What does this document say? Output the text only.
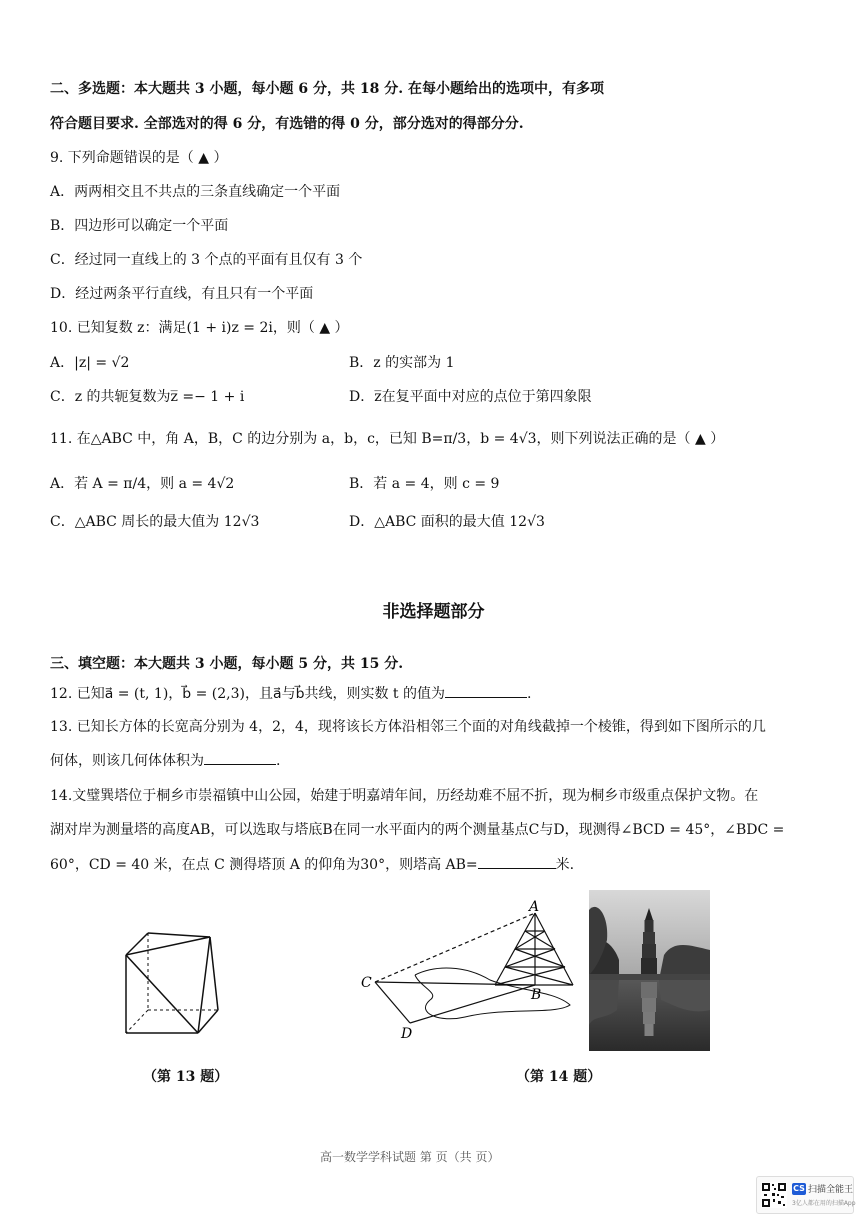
二、多选题：本大题共 3 小题，每小题 6 分，共 18 分. 在每小题给出的选项中，有多项
符合题目要求. 全部选对的得 6 分，有选错的得 0 分，部分选对的得部分分.
9. 下列命题错误的是（ ▲ ）
A．两两相交且不共点的三条直线确定一个平面
B．四边形可以确定一个平面
C．经过同一直线上的 3 个点的平面有且仅有 3 个
D．经过两条平行直线，有且只有一个平面
10. 已知复数 z：满足(1 + i)z = 2i，则（ ▲ ）
A．|z| = √2	B．z 的实部为 1
C．z 的共轭复数为z̅ =− 1 + i	D．z̅在复平面中对应的点位于第四象限
11. 在△ABC 中，角 A，B，C 的边分别为 a，b，c，已知 B=π/3，b = 4√3，则下列说法正确的是（ ▲ ）
A．若 A = π/4，则 a = 4√2	B．若 a = 4，则 c = 9
C．△ABC 周长的最大值为 12√3	D．△ABC 面积的最大值 12√3
非选择题部分
三、填空题：本大题共 3 小题，每小题 5 分，共 15 分.
12. 已知a⃗ = (t, 1)，b⃗ = (2,3)，且a⃗与b⃗共线，则实数 t 的值为	.
13. 已知长方体的长宽高分别为 4，2，4，现将该长方体沿相邻三个面的对角线截掉一个棱锥，得到如下图所示的几
何体，则该几何体体积为	.
14.文璧巽塔位于桐乡市崇福镇中山公园，始建于明嘉靖年间，历经劫难不屈不折，现为桐乡市级重点保护文物。在
湖对岸为测量塔的高度AB，可以选取与塔底B在同一水平面内的两个测量基点C与D，现测得∠BCD = 45°，∠BDC =
60°，CD = 40 米，在点 C 测得塔顶 A 的仰角为30°，则塔高 AB=	米.
A
B
C
D
（第 13 题）	（第 14 题）
高一数学学科试题 第 页（共 页）
CS 扫描全能王
3亿人都在用的扫描App
